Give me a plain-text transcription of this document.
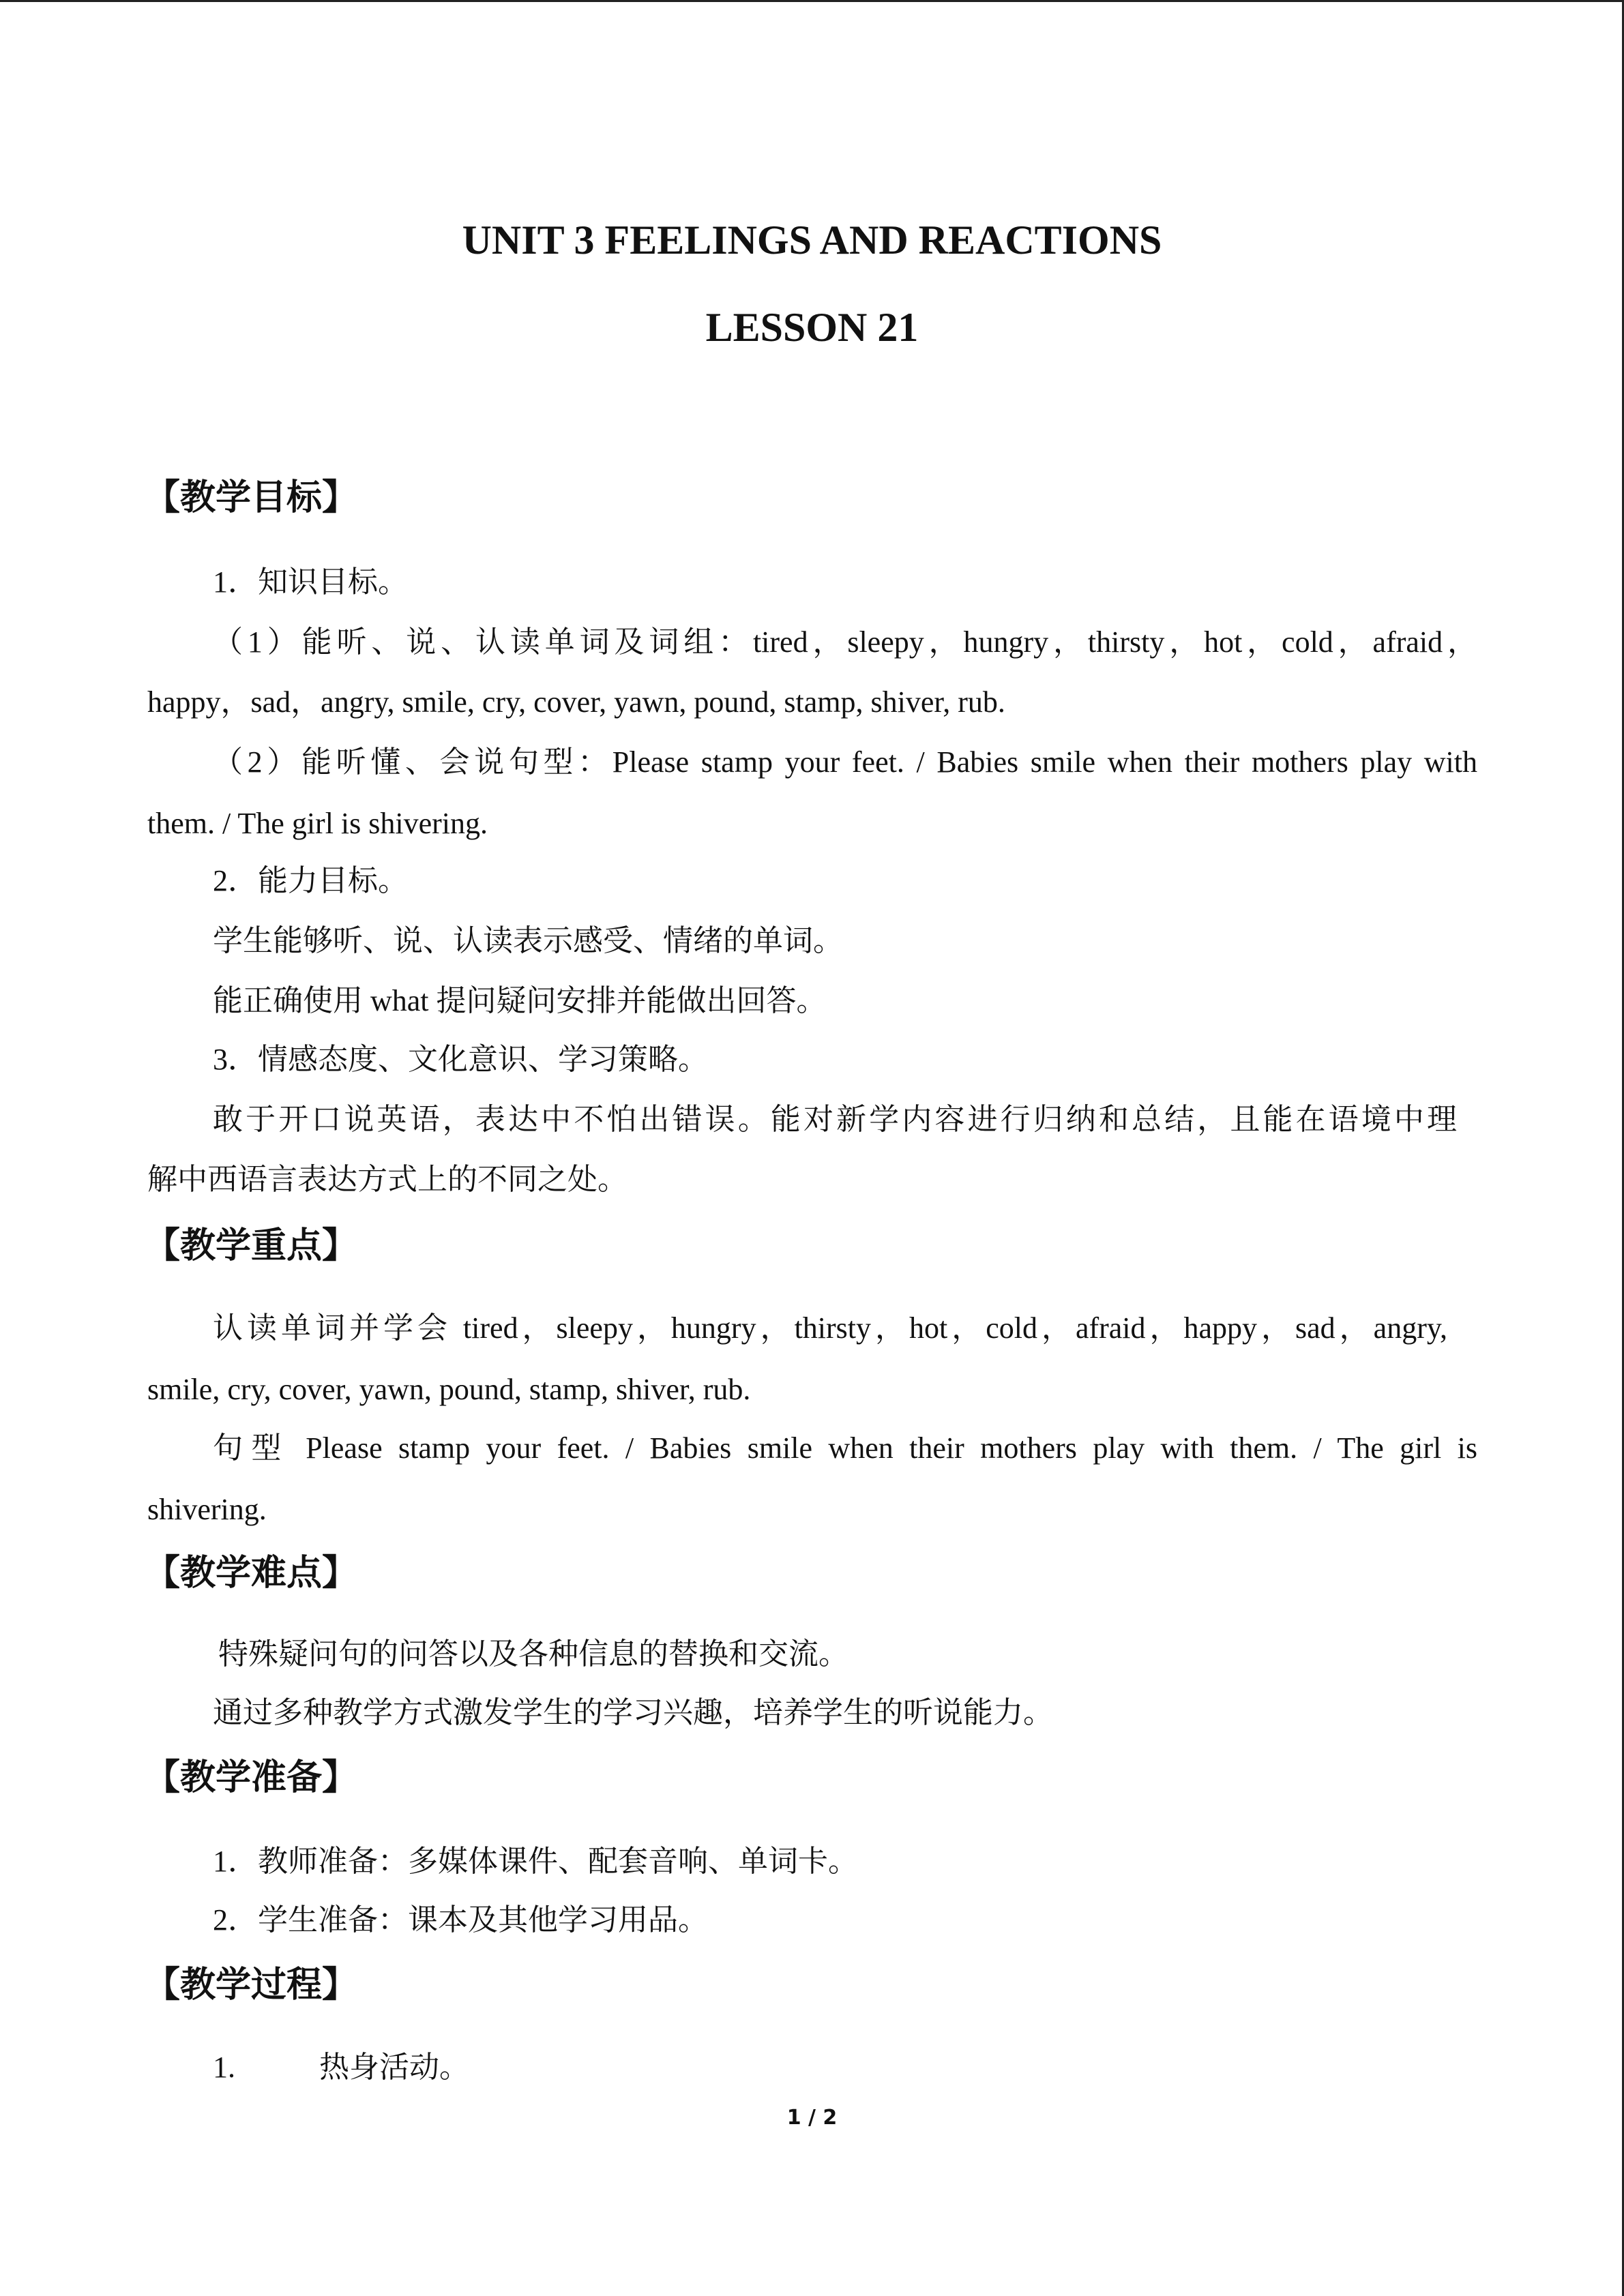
UNIT 3 FEELINGS AND REACTIONS
LESSON 21
【教学目标】
1．知识目标。
（1）能听、说、认读单词及词组：tired，sleepy，hungry，thirsty，hot，cold，afraid，
happy，sad，angry, smile, cry, cover, yawn, pound, stamp, shiver, rub.
（2）能听懂、会说句型：Please stamp your feet. / Babies smile when their mothers play with
them. / The girl is shivering.
2．能力目标。
学生能够听、说、认读表示感受、情绪的单词。
能正确使用 what 提问疑问安排并能做出回答。
3．情感态度、文化意识、学习策略。
敢于开口说英语，表达中不怕出错误。能对新学内容进行归纳和总结，且能在语境中理
解中西语言表达方式上的不同之处。
【教学重点】
认读单词并学会 tired，sleepy，hungry，thirsty，hot，cold，afraid，happy，sad，angry,
smile, cry, cover, yawn, pound, stamp, shiver, rub.
句型 Please stamp your feet. / Babies smile when their mothers play with them. / The girl is
shivering.
【教学难点】
特殊疑问句的问答以及各种信息的替换和交流。
通过多种教学方式激发学生的学习兴趣，培养学生的听说能力。
【教学准备】
1．教师准备：多媒体课件、配套音响、单词卡。
2．学生准备：课本及其他学习用品。
【教学过程】
1.	热身活动。
1 / 2
